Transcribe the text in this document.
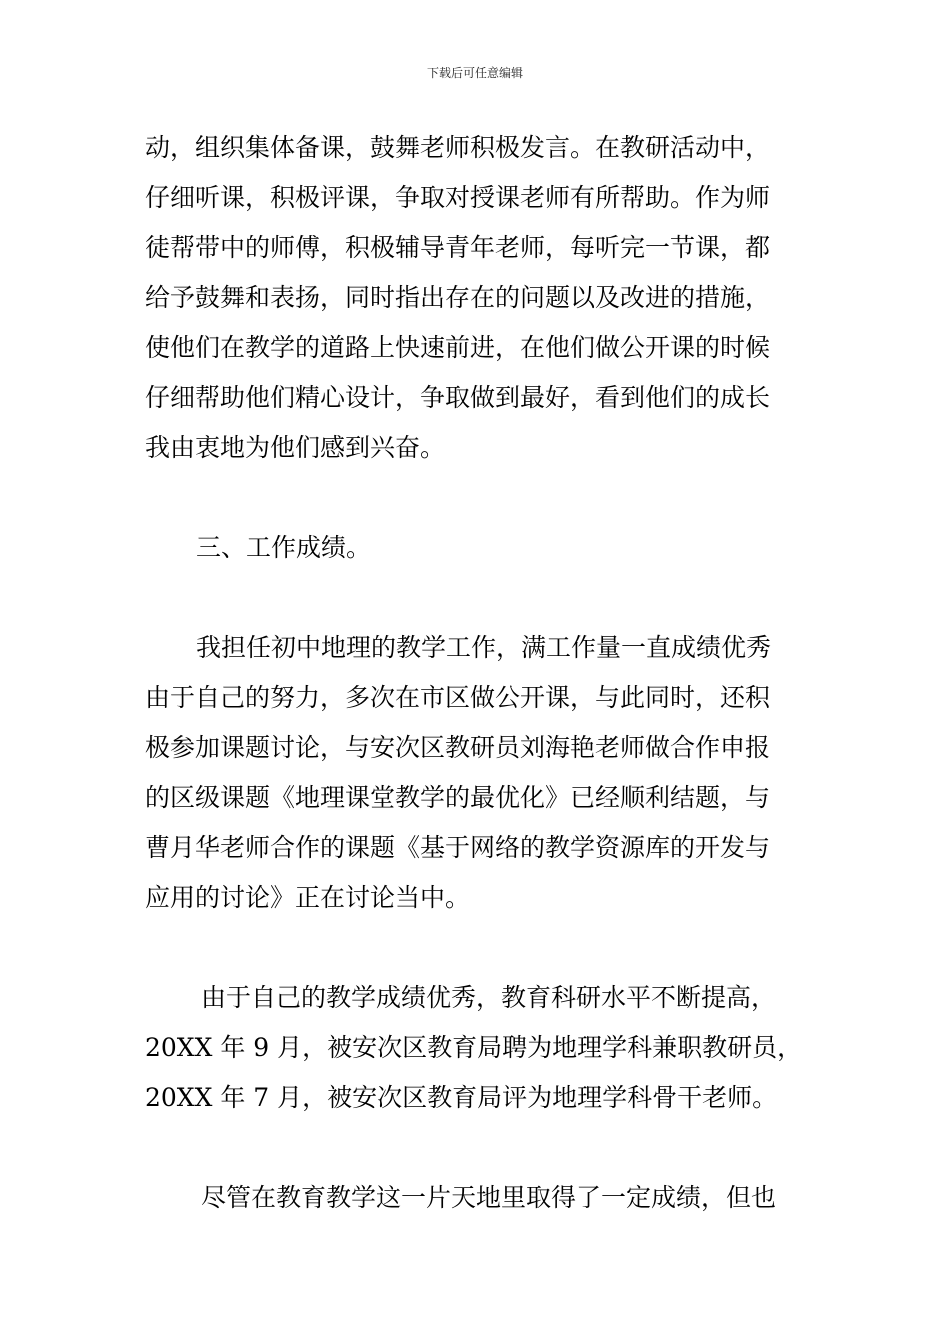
下载后可任意编辑
动，组织集体备课，鼓舞老师积极发言。在教研活动中，
仔细听课，积极评课，争取对授课老师有所帮助。作为师
徒帮带中的师傅，积极辅导青年老师，每听完一节课，都
给予鼓舞和表扬，同时指出存在的问题以及改进的措施，
使他们在教学的道路上快速前进，在他们做公开课的时候
仔细帮助他们精心设计，争取做到最好，看到他们的成长
我由衷地为他们感到兴奋。
三、工作成绩。
我担任初中地理的教学工作，满工作量一直成绩优秀
由于自己的努力，多次在市区做公开课，与此同时，还积
极参加课题讨论，与安次区教研员刘海艳老师做合作申报
的区级课题《地理课堂教学的最优化》已经顺利结题，与
曹月华老师合作的课题《基于网络的教学资源库的开发与
应用的讨论》正在讨论当中。
由于自己的教学成绩优秀，教育科研水平不断提高，
20XX 年 9 月，被安次区教育局聘为地理学科兼职教研员，
20XX 年 7 月，被安次区教育局评为地理学科骨干老师。
尽管在教育教学这一片天地里取得了一定成绩，但也
